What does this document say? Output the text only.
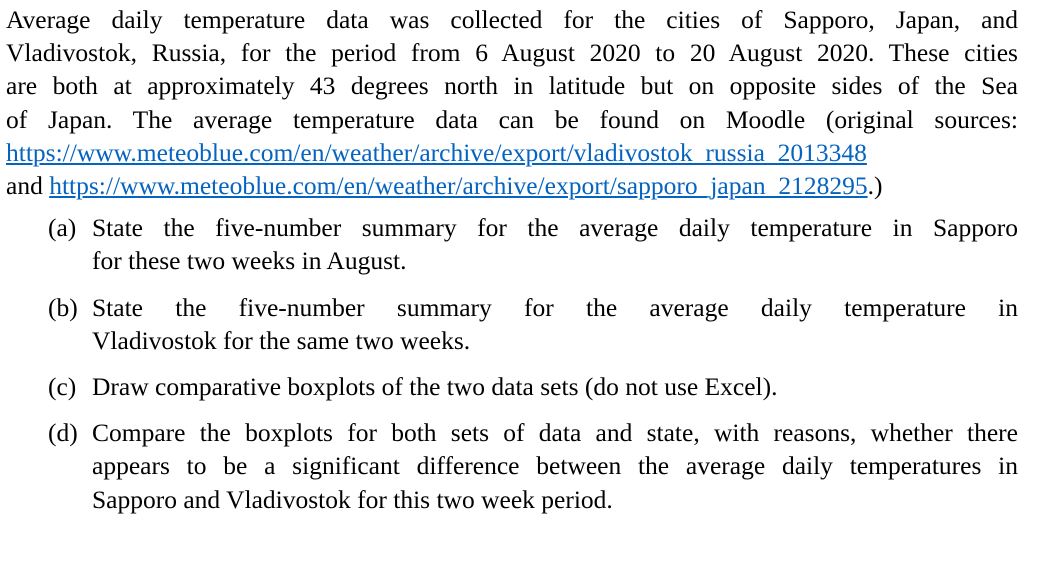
Average daily temperature data was collected for the cities of Sapporo, Japan, and
Vladivostok, Russia, for the period from 6 August 2020 to 20 August 2020. These cities
are both at approximately 43 degrees north in latitude but on opposite sides of the Sea
of Japan. The average temperature data can be found on Moodle (original sources:
https://www.meteoblue.com/en/weather/archive/export/vladivostok_russia_2013348
and https://www.meteoblue.com/en/weather/archive/export/sapporo_japan_2128295.)

(a) State the five-number summary for the average daily temperature in Sapporo
for these two weeks in August.
(b) State the five-number summary for the average daily temperature in
Vladivostok for the same two weeks.
(c) Draw comparative boxplots of the two data sets (do not use Excel).
(d) Compare the boxplots for both sets of data and state, with reasons, whether there
appears to be a significant difference between the average daily temperatures in
Sapporo and Vladivostok for this two week period.
